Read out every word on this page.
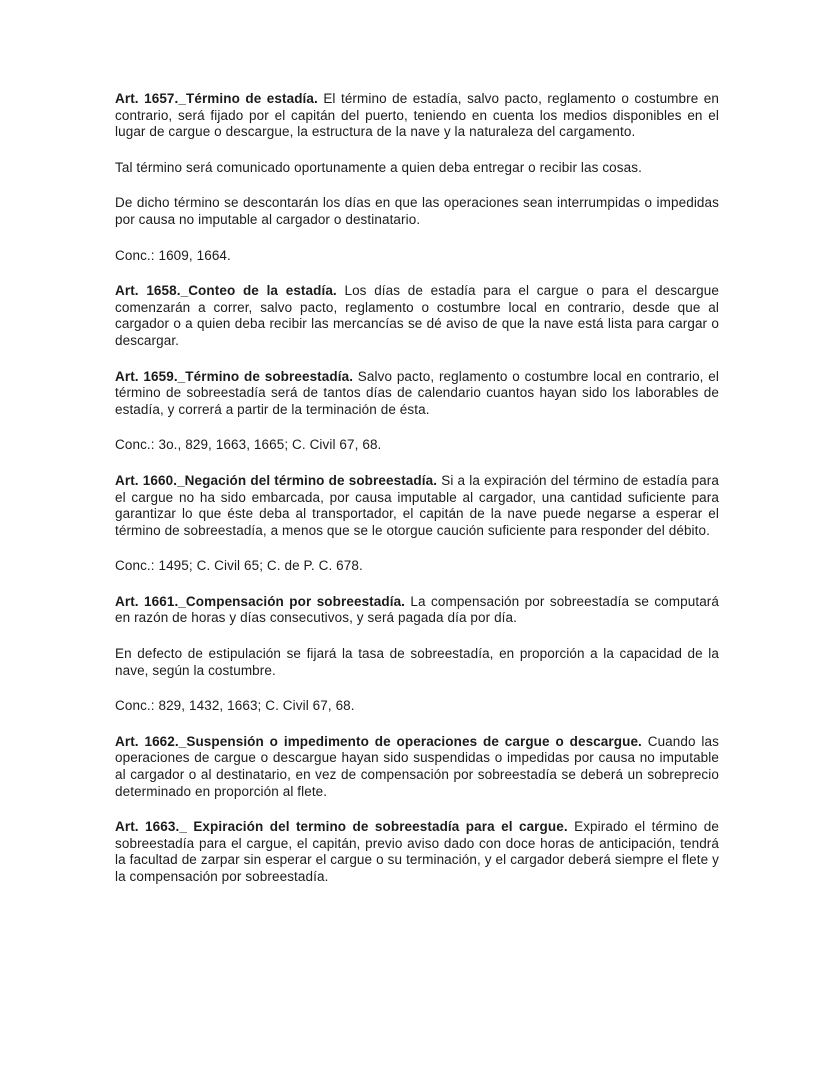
Art. 1657._Término de estadía. El término de estadía, salvo pacto, reglamento o costumbre en contrario, será fijado por el capitán del puerto, teniendo en cuenta los medios disponibles en el lugar de cargue o descargue, la estructura de la nave y la naturaleza del cargamento.

Tal término será comunicado oportunamente a quien deba entregar o recibir las cosas.

De dicho término se descontarán los días en que las operaciones sean interrumpidas o impedidas por causa no imputable al cargador o destinatario.

Conc.: 1609, 1664.

Art. 1658._Conteo de la estadía. Los días de estadía para el cargue o para el descargue comenzarán a correr, salvo pacto, reglamento o costumbre local en contrario, desde que al cargador o a quien deba recibir las mercancías se dé aviso de que la nave está lista para cargar o descargar.

Art. 1659._Término de sobreestadía. Salvo pacto, reglamento o costumbre local en contrario, el término de sobreestadía será de tantos días de calendario cuantos hayan sido los laborables de estadía, y correrá a partir de la terminación de ésta.

Conc.: 3o., 829, 1663, 1665; C. Civil 67, 68.

Art. 1660._Negación del término de sobreestadía. Si a la expiración del término de estadía para el cargue no ha sido embarcada, por causa imputable al cargador, una cantidad suficiente para garantizar lo que éste deba al transportador, el capitán de la nave puede negarse a esperar el término de sobreestadía, a menos que se le otorgue caución suficiente para responder del débito.

Conc.: 1495; C. Civil 65; C. de P. C. 678.

Art. 1661._Compensación por sobreestadía. La compensación por sobreestadía se computará en razón de horas y días consecutivos, y será pagada día por día.

En defecto de estipulación se fijará la tasa de sobreestadía, en proporción a la capacidad de la nave, según la costumbre.

Conc.: 829, 1432, 1663; C. Civil 67, 68.

Art. 1662._Suspensión o impedimento de operaciones de cargue o descargue. Cuando las operaciones de cargue o descargue hayan sido suspendidas o impedidas por causa no imputable al cargador o al destinatario, en vez de compensación por sobreestadía se deberá un sobreprecio determinado en proporción al flete.

Art. 1663._ Expiración del termino de sobreestadía para el cargue. Expirado el término de sobreestadía para el cargue, el capitán, previo aviso dado con doce horas de anticipación, tendrá la facultad de zarpar sin esperar el cargue o su terminación, y el cargador deberá siempre el flete y la compensación por sobreestadía.
